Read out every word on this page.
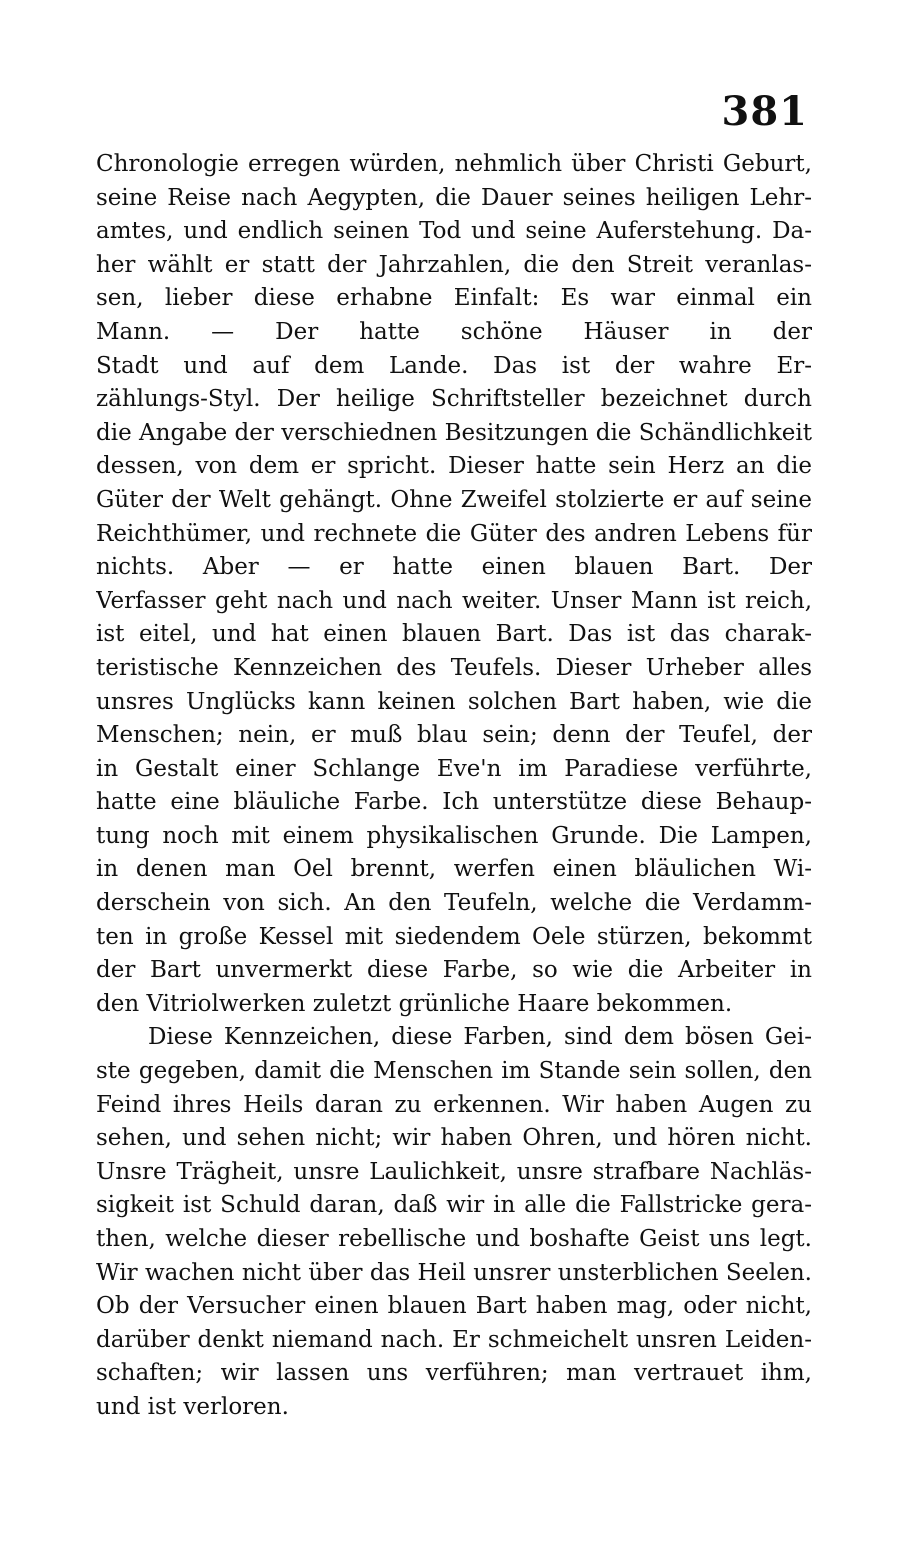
381
Chronologie erregen würden, nehmlich über Christi Geburt,
seine Reise nach Aegypten, die Dauer seines heiligen Lehr-
amtes, und endlich seinen Tod und seine Auferstehung. Da-
her wählt er statt der Jahrzahlen, die den Streit veranlas-
sen, lieber diese erhabne Einfalt: Es war einmal ein
Mann. — Der hatte schöne Häuser in der
Stadt und auf dem Lande. Das ist der wahre Er-
zählungs-Styl. Der heilige Schriftsteller bezeichnet durch
die Angabe der verschiednen Besitzungen die Schändlichkeit
dessen, von dem er spricht. Dieser hatte sein Herz an die
Güter der Welt gehängt. Ohne Zweifel stolzierte er auf seine
Reichthümer, und rechnete die Güter des andren Lebens für
nichts. Aber — er hatte einen blauen Bart. Der
Verfasser geht nach und nach weiter. Unser Mann ist reich,
ist eitel, und hat einen blauen Bart. Das ist das charak-
teristische Kennzeichen des Teufels. Dieser Urheber alles
unsres Unglücks kann keinen solchen Bart haben, wie die
Menschen; nein, er muß blau sein; denn der Teufel, der
in Gestalt einer Schlange Eve'n im Paradiese verführte,
hatte eine bläuliche Farbe. Ich unterstütze diese Behaup-
tung noch mit einem physikalischen Grunde. Die Lampen,
in denen man Oel brennt, werfen einen bläulichen Wi-
derschein von sich. An den Teufeln, welche die Verdamm-
ten in große Kessel mit siedendem Oele stürzen, bekommt
der Bart unvermerkt diese Farbe, so wie die Arbeiter in
den Vitriolwerken zuletzt grünliche Haare bekommen.
Diese Kennzeichen, diese Farben, sind dem bösen Gei-
ste gegeben, damit die Menschen im Stande sein sollen, den
Feind ihres Heils daran zu erkennen. Wir haben Augen zu
sehen, und sehen nicht; wir haben Ohren, und hören nicht.
Unsre Trägheit, unsre Laulichkeit, unsre strafbare Nachläs-
sigkeit ist Schuld daran, daß wir in alle die Fallstricke gera-
then, welche dieser rebellische und boshafte Geist uns legt.
Wir wachen nicht über das Heil unsrer unsterblichen Seelen.
Ob der Versucher einen blauen Bart haben mag, oder nicht,
darüber denkt niemand nach. Er schmeichelt unsren Leiden-
schaften; wir lassen uns verführen; man vertrauet ihm,
und ist verloren.
